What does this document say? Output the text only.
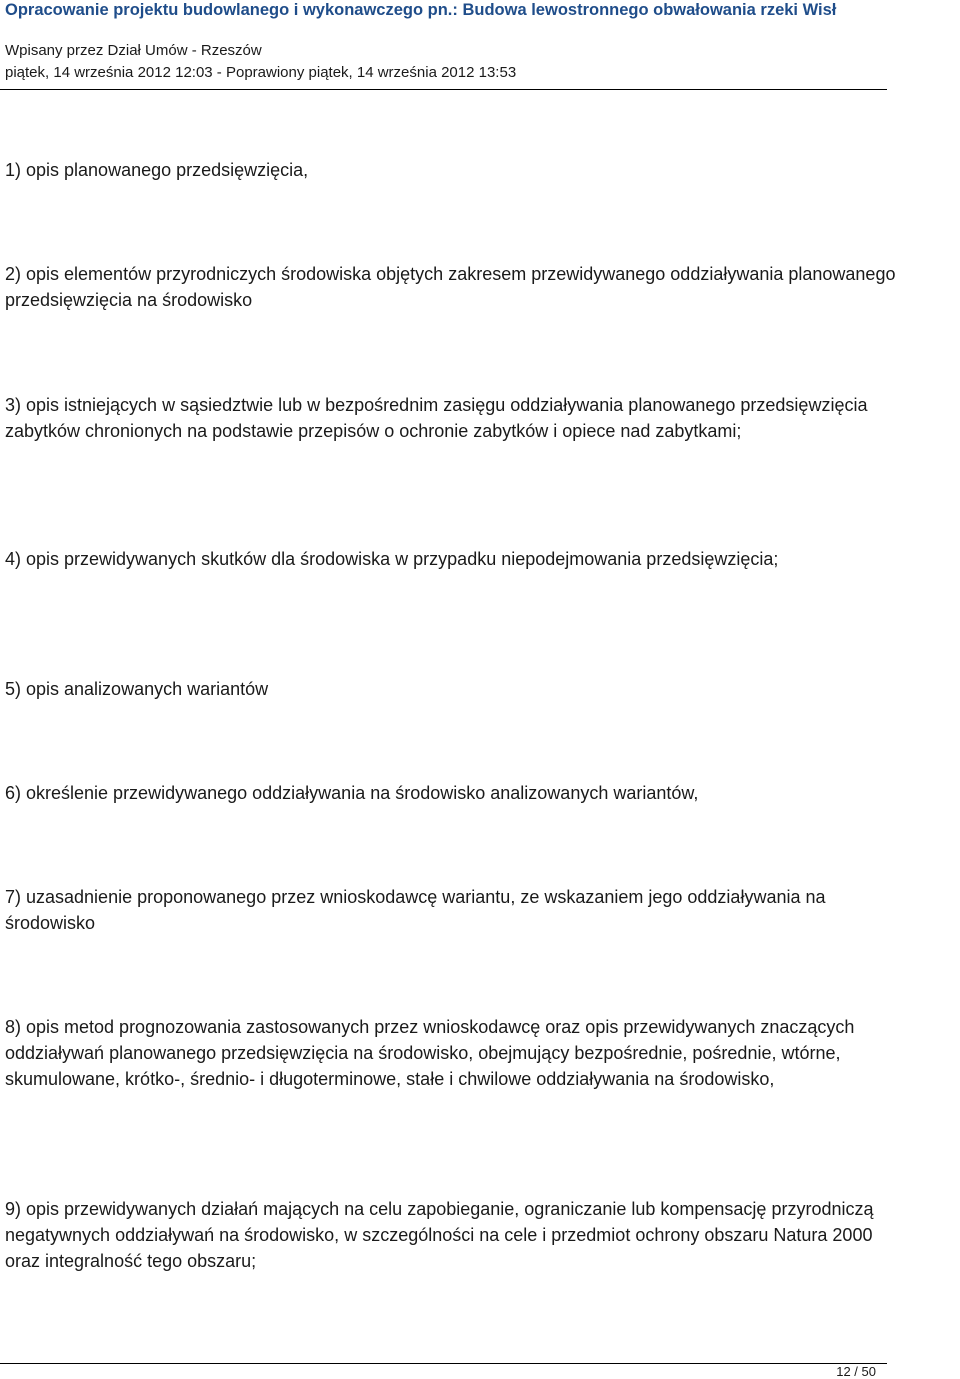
Opracowanie projektu budowlanego i wykonawczego pn.: Budowa lewostronnego obwałowania rzeki Wisł
Wpisany przez Dział Umów - Rzeszów
piątek, 14 września 2012 12:03 - Poprawiony piątek, 14 września 2012 13:53
1) opis planowanego przedsięwzięcia,
2) opis elementów przyrodniczych środowiska objętych zakresem przewidywanego oddziaływania planowanego przedsięwzięcia na środowisko
3) opis istniejących w sąsiedztwie lub w bezpośrednim zasięgu oddziaływania planowanego przedsięwzięcia zabytków chronionych na podstawie przepisów o ochronie zabytków i opiece nad zabytkami;
4) opis przewidywanych skutków dla środowiska w przypadku niepodejmowania przedsięwzięcia;
5) opis analizowanych wariantów
6) określenie przewidywanego oddziaływania na środowisko analizowanych wariantów,
7) uzasadnienie proponowanego przez wnioskodawcę wariantu, ze wskazaniem jego oddziaływania na środowisko
8) opis metod prognozowania zastosowanych przez wnioskodawcę oraz opis przewidywanych znaczących oddziaływań planowanego przedsięwzięcia na środowisko, obejmujący bezpośrednie, pośrednie, wtórne, skumulowane, krótko-, średnio- i długoterminowe, stałe i chwilowe oddziaływania na środowisko,
9) opis przewidywanych działań mających na celu zapobieganie, ograniczanie lub kompensację przyrodniczą negatywnych oddziaływań na środowisko, w szczególności na cele i przedmiot ochrony obszaru Natura 2000 oraz integralność tego obszaru;
12 / 50
